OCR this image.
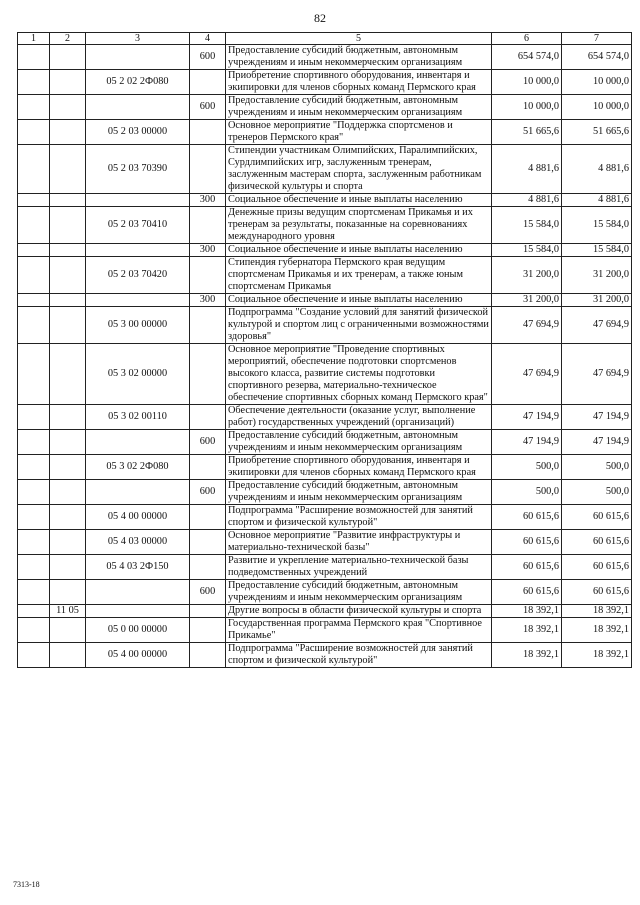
82
1	2	3	4	5	6	7
			600	Предоставление субсидий бюджетным, автономным учреждениям и иным некоммерческим организациям	654 574,0	654 574,0
		05 2 02 2Ф080		Приобретение спортивного оборудования, инвентаря и экипировки для членов сборных команд Пермского края	10 000,0	10 000,0
			600	Предоставление субсидий бюджетным, автономным учреждениям и иным некоммерческим организациям	10 000,0	10 000,0
		05 2 03 00000		Основное мероприятие "Поддержка спортсменов и тренеров Пермского края"	51 665,6	51 665,6
		05 2 03 70390		Стипендии участникам Олимпийских, Паралимпийских, Сурдлимпийских игр, заслуженным тренерам, заслуженным мастерам спорта, заслуженным работникам физической культуры и спорта	4 881,6	4 881,6
			300	Социальное обеспечение и иные выплаты населению	4 881,6	4 881,6
		05 2 03 70410		Денежные призы ведущим спортсменам Прикамья и их тренерам за результаты, показанные на соревнованиях международного уровня	15 584,0	15 584,0
			300	Социальное обеспечение и иные выплаты населению	15 584,0	15 584,0
		05 2 03 70420		Стипендия губернатора Пермского края ведущим спортсменам Прикамья и их тренерам, а также юным спортсменам Прикамья	31 200,0	31 200,0
			300	Социальное обеспечение и иные выплаты населению	31 200,0	31 200,0
		05 3 00 00000		Подпрограмма "Создание условий для занятий физической культурой и спортом лиц с ограниченными возможностями здоровья"	47 694,9	47 694,9
		05 3 02 00000		Основное мероприятие "Проведение спортивных мероприятий, обеспечение подготовки спортсменов высокого класса, развитие системы подготовки спортивного резерва, материально-техническое обеспечение спортивных сборных команд Пермского края"	47 694,9	47 694,9
		05 3 02 00110		Обеспечение деятельности (оказание услуг, выполнение работ) государственных учреждений (организаций)	47 194,9	47 194,9
			600	Предоставление субсидий бюджетным, автономным учреждениям и иным некоммерческим организациям	47 194,9	47 194,9
		05 3 02 2Ф080		Приобретение спортивного оборудования, инвентаря и экипировки для членов сборных команд Пермского края	500,0	500,0
			600	Предоставление субсидий бюджетным, автономным учреждениям и иным некоммерческим организациям	500,0	500,0
		05 4 00 00000		Подпрограмма "Расширение возможностей для занятий спортом и физической культурой"	60 615,6	60 615,6
		05 4 03 00000		Основное мероприятие "Развитие инфраструктуры и материально-технической базы"	60 615,6	60 615,6
		05 4 03 2Ф150		Развитие и укрепление материально-технической базы подведомственных учреждений	60 615,6	60 615,6
			600	Предоставление субсидий бюджетным, автономным учреждениям и иным некоммерческим организациям	60 615,6	60 615,6
	11 05			Другие вопросы в области физической культуры и спорта	18 392,1	18 392,1
		05 0 00 00000		Государственная программа Пермского края "Спортивное Прикамье"	18 392,1	18 392,1
		05 4 00 00000		Подпрограмма "Расширение возможностей для занятий спортом и физической культурой"	18 392,1	18 392,1
7313-18
